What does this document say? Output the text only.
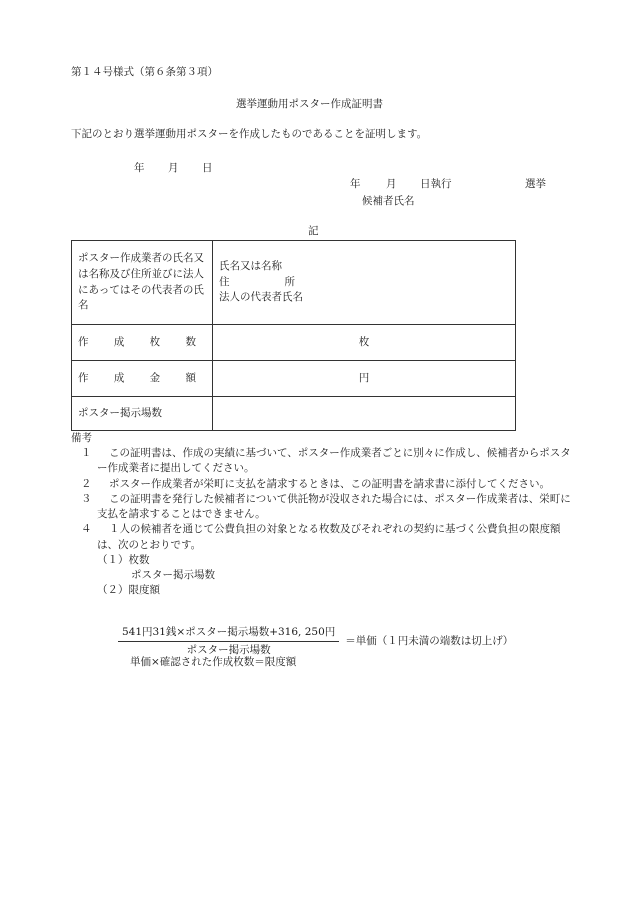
第１４号様式（第６条第３項）
選挙運動用ポスター作成証明書
下記のとおり選挙運動用ポスターを作成したものであることを証明します。
年 月 日
年 月 日執行	選挙
候補者氏名
記
ポスター作成業者の氏名又は名称及び住所並びに法人にあってはその代表者の氏名	氏名又は名称
住 所
法人の代表者氏名

作 成 枚 数	枚

作 成 金 額	円
ポスター掲示場数	
備考

１ この証明書は、作成の実績に基づいて、ポスター作成業者ごとに別々に作成し、候補者からポスター作成業者に提出してください。

２ ポスター作成業者が栄町に支払を請求するときは、この証明書を請求書に添付してください。

３ この証明書を発行した候補者について供託物が没収された場合には、ポスター作成業者は、栄町に支払を請求することはできません。

４ １人の候補者を通じて公費負担の対象となる枚数及びそれぞれの契約に基づく公費負担の限度額は、次のとおりです。

（１）枚数
ポスター掲示場数
（２）限度額
$\frac{\text{541円31銭×ポスター掲示場数+316, 250円}}{\text{ポスター掲示場数}}$ ＝単価（１円未満の端数は切上げ）
単価×確認された作成枚数＝限度額
